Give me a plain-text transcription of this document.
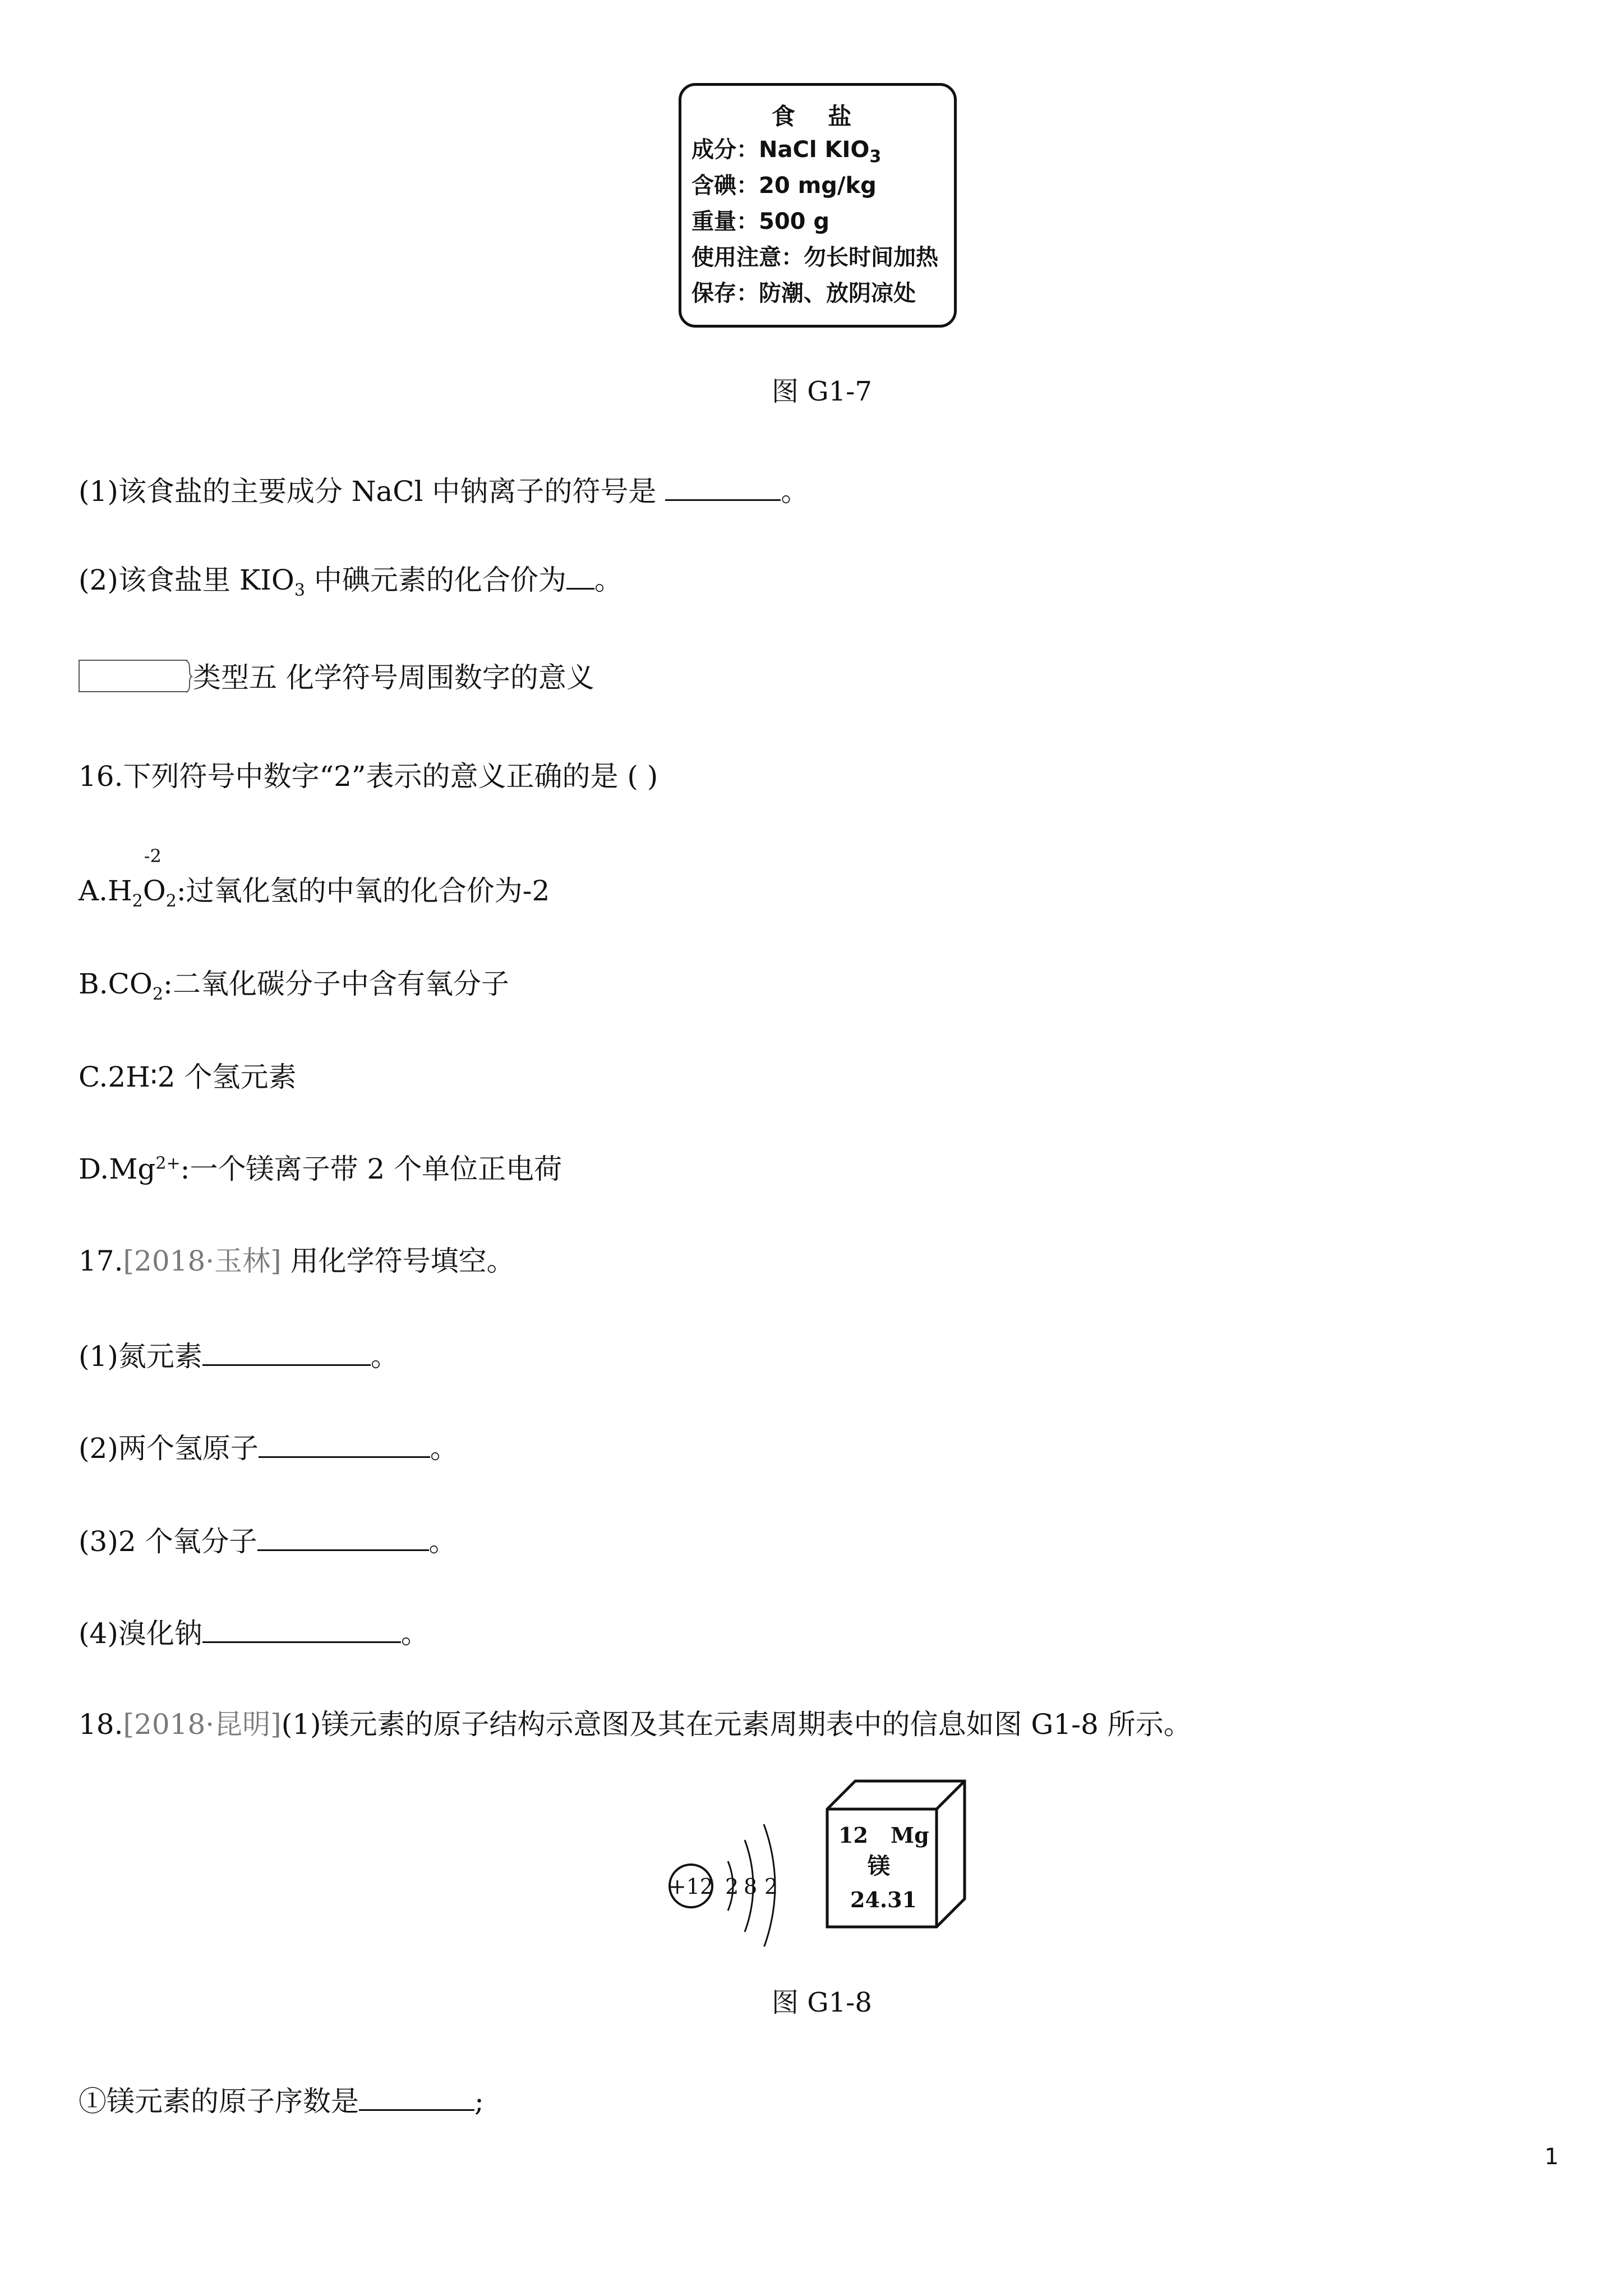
食 盐
成分：NaCl $KIO_3$
含碘：20 mg/kg
重量：500 g
使用注意：勿长时间加热
保存：防潮、放阴凉处
图 G1-7
(1)该食盐的主要成分 NaCl 中钠离子的符号是	。
(2)该食盐里 $KIO_3$ 中碘元素的化合价为 。
类型五 化学符号周围数字的意义
16.下列符号中数字“2”表示的意义正确的是 ( )
$A.H_2O$
-2
$_2$:过氧化氢的中氧的化合价为-2
$B.CO_2$:二氧化碳分子中含有氧分子
C.2H∶2 个氢元素
$D.Mg^{2+}$:一个镁离子带 2 个单位正电荷
17.[2018·玉林] 用化学符号填空。
(1)氮元素	。
(2)两个氢原子	。
(3)2 个氧分子	。
(4)溴化钠	。
18.[2018·昆明](1)镁元素的原子结构示意图及其在元素周期表中的信息如图 G1-8 所示。
+12 2 8 2
12 Mg
镁
24.31
图 G1-8
①镁元素的原子序数是	;
1
